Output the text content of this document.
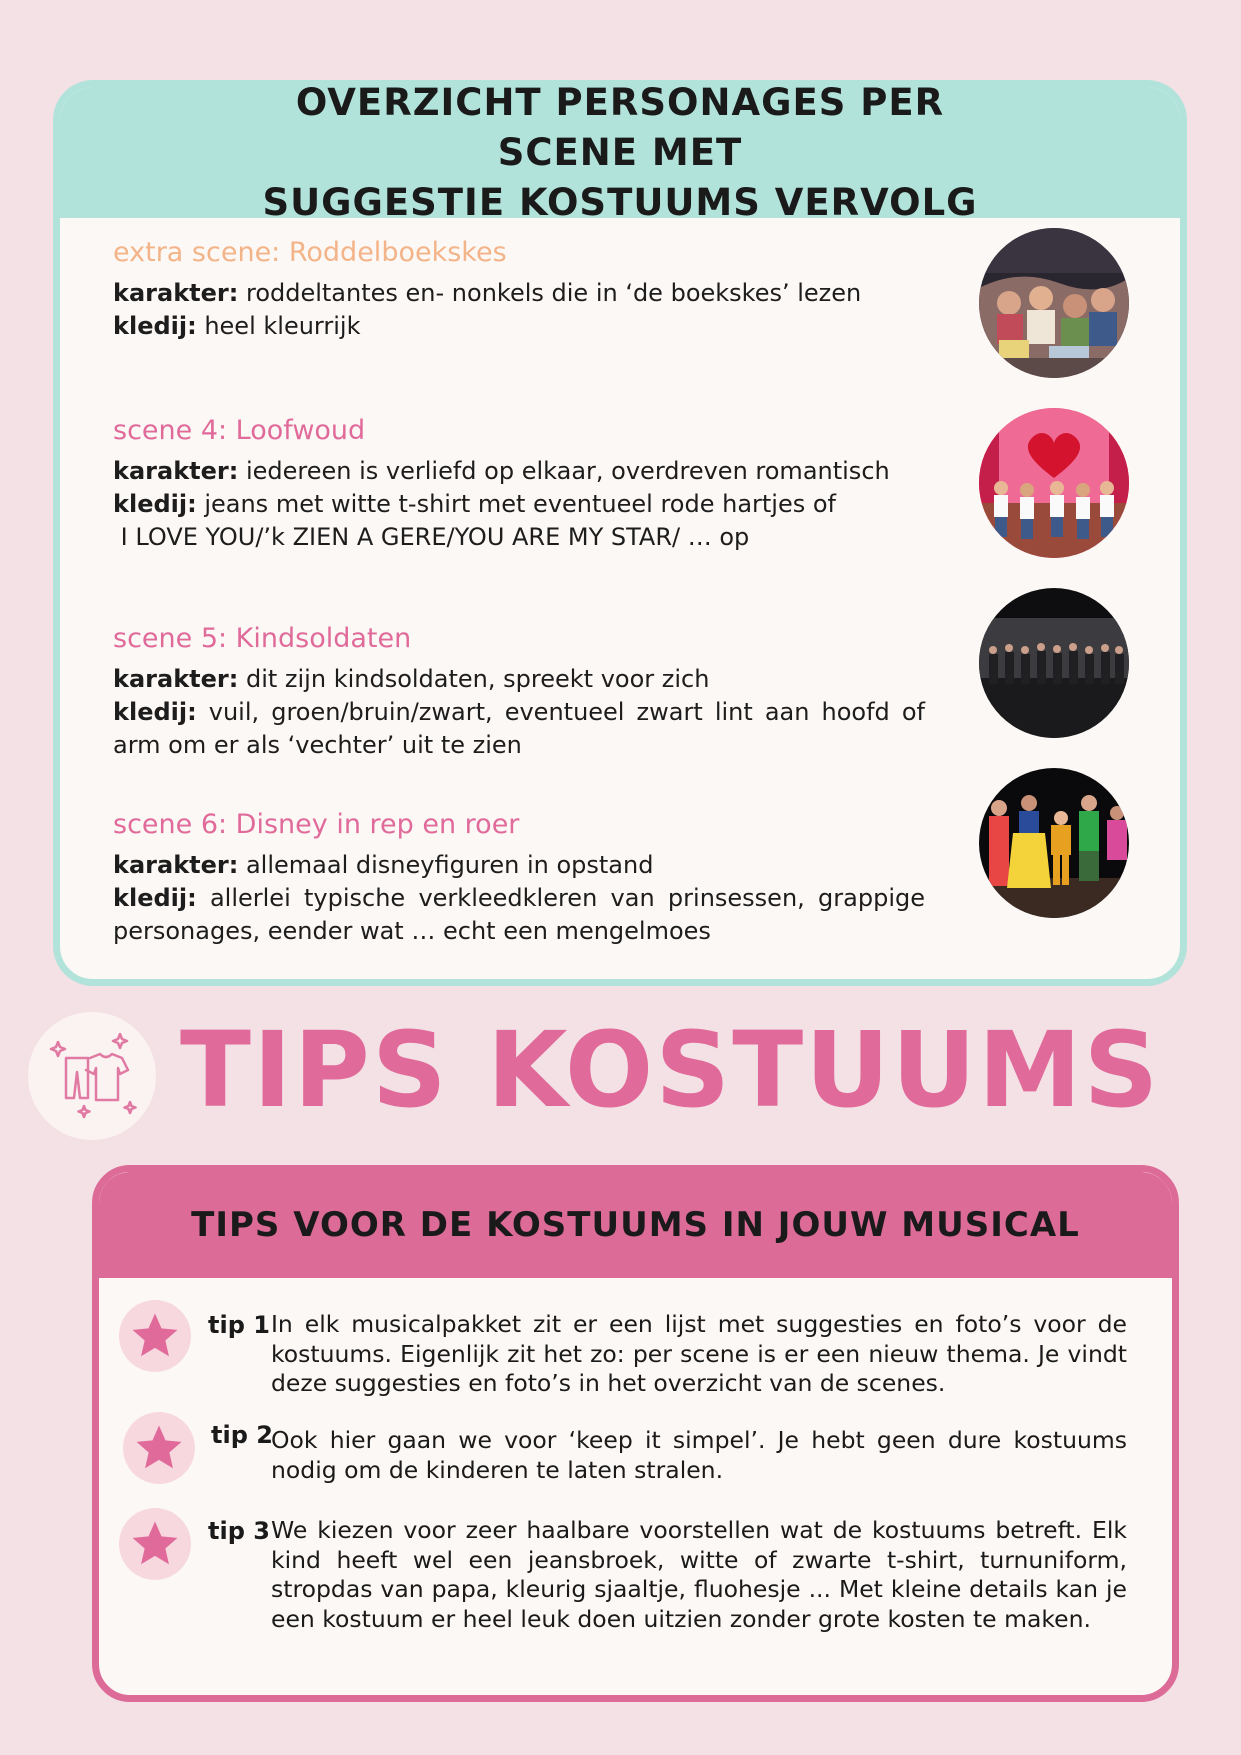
OVERZICHT PERSONAGES PER SCENE MET
SUGGESTIE KOSTUUMS VERVOLG
extra scene: Roddelboekskes
karakter: roddeltantes en- nonkels die in ‘de boekskes’ lezen
kledij: heel kleurrijk
scene 4: Loofwoud
karakter: iedereen is verliefd op elkaar, overdreven romantisch
kledij: jeans met witte t-shirt met eventueel rode hartjes of
I LOVE YOU/’k ZIEN A GERE/YOU ARE MY STAR/ … op
scene 5: Kindsoldaten
karakter: dit zijn kindsoldaten, spreekt voor zich
kledij: vuil, groen/bruin/zwart, eventueel zwart lint aan hoofd of arm om er als ‘vechter’ uit te zien
scene 6: Disney in rep en roer
karakter: allemaal disneyfiguren in opstand
kledij: allerlei typische verkleedkleren van prinsessen, grappige personages, eender wat … echt een mengelmoes
TIPS KOSTUUMS
TIPS VOOR DE KOSTUUMS IN JOUW MUSICAL
tip 1 In elk musicalpakket zit er een lijst met suggesties en foto’s voor de kostuums. Eigenlijk zit het zo: per scene is er een nieuw thema. Je vindt deze suggesties en foto’s in het overzicht van de scenes.
tip 2
Ook hier gaan we voor ‘keep it simpel’. Je hebt geen dure kostuums nodig om de kinderen te laten stralen.
tip 3 We kiezen voor zeer haalbare voorstellen wat de kostuums betreft. Elk kind heeft wel een jeansbroek, witte of zwarte t-shirt, turnuniform, stropdas van papa, kleurig sjaaltje, fluohesje ... Met kleine details kan je een kostuum er heel leuk doen uitzien zonder grote kosten te maken.
